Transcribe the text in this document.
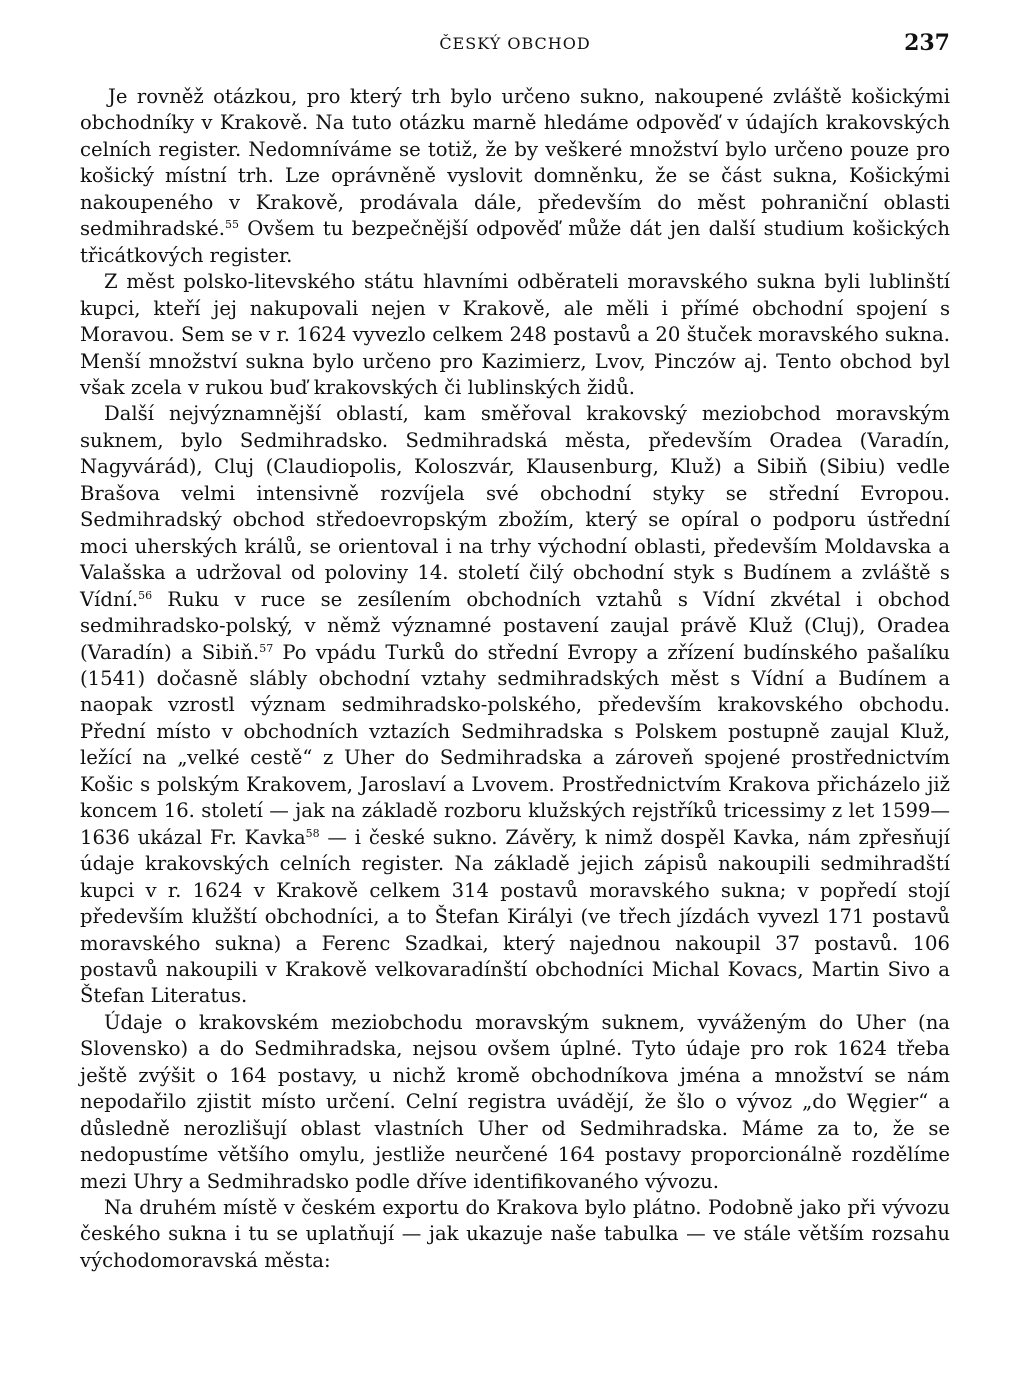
ČESKÝ OBCHOD	237

Je rovněž otázkou, pro který trh bylo určeno sukno, nakoupené zvláště košickými obchodníky v Krakově. Na tuto otázku marně hledáme odpověď v údajích krakovských celních register. Nedomníváme se totiž, že by veškeré množství bylo určeno pouze pro košický místní trh. Lze oprávněně vyslovit domněnku, že se část sukna, Košickými nakoupeného v Krakově, prodávala dále, především do měst pohraniční oblasti sedmihradské.$^{55}$ Ovšem tu bezpečnější odpověď může dát jen další studium košických třicátkových register.

Z měst polsko-litevského státu hlavními odběrateli moravského sukna byli lublinští kupci, kteří jej nakupovali nejen v Krakově, ale měli i přímé obchodní spojení s Moravou. Sem se v r. 1624 vyvezlo celkem 248 postavů a 20 štuček moravského sukna. Menší množství sukna bylo určeno pro Kazimierz, Lvov, Pinczów aj. Tento obchod byl však zcela v rukou buď krakovských či lublinských židů.

Další nejvýznamnější oblastí, kam směřoval krakovský meziobchod moravským suknem, bylo Sedmihradsko. Sedmihradská města, především Oradea (Varadín, Nagyvárád), Cluj (Claudiopolis, Koloszvár, Klausenburg, Kluž) a Sibiň (Sibiu) vedle Brašova velmi intensivně rozvíjela své obchodní styky se střední Evropou. Sedmihradský obchod středoevropským zbožím, který se opíral o podporu ústřední moci uherských králů, se orientoval i na trhy východní oblasti, především Moldavska a Valašska a udržoval od poloviny 14. století čilý obchodní styk s Budínem a zvláště s Vídní.$^{56}$ Ruku v ruce se zesílením obchodních vztahů s Vídní zkvétal i obchod sedmihradsko-polský, v němž významné postavení zaujal právě Kluž (Cluj), Oradea (Varadín) a Sibiň.$^{57}$ Po vpádu Turků do střední Evropy a zřízení budínského pašalíku (1541) dočasně slábly obchodní vztahy sedmihradských měst s Vídní a Budínem a naopak vzrostl význam sedmihradsko-polského, především krakovského obchodu. Přední místo v obchodních vztazích Sedmihradska s Polskem postupně zaujal Kluž, ležící na „velké cestě“ z Uher do Sedmihradska a zároveň spojené prostřednictvím Košic s polským Krakovem, Jaroslaví a Lvovem. Prostřednictvím Krakova přicházelo již koncem 16. století — jak na základě rozboru klužských rejstříků tricessimy z let 1599—1636 ukázal Fr. Kavka$^{58}$ — i české sukno. Závěry, k nimž dospěl Kavka, nám zpřesňují údaje krakovských celních register. Na základě jejich zápisů nakoupili sedmihradští kupci v r. 1624 v Krakově celkem 314 postavů moravského sukna; v popředí stojí především klužští obchodníci, a to Štefan Királyi (ve třech jízdách vyvezl 171 postavů moravského sukna) a Ferenc Szadkai, který najednou nakoupil 37 postavů. 106 postavů nakoupili v Krakově velkovaradínští obchodníci Michal Kovacs, Martin Sivo a Štefan Literatus.

Údaje o krakovském meziobchodu moravským suknem, vyváženým do Uher (na Slovensko) a do Sedmihradska, nejsou ovšem úplné. Tyto údaje pro rok 1624 třeba ještě zvýšit o 164 postavy, u nichž kromě obchodníkova jména a množství se nám nepodařilo zjistit místo určení. Celní registra uvádějí, že šlo o vývoz „do Węgier“ a důsledně nerozlišují oblast vlastních Uher od Sedmihradska. Máme za to, že se nedopustíme většího omylu, jestliže neurčené 164 postavy proporcionálně rozdělíme mezi Uhry a Sedmihradsko podle dříve identifikovaného vývozu.

Na druhém místě v českém exportu do Krakova bylo plátno. Podobně jako při vývozu českého sukna i tu se uplatňují — jak ukazuje naše tabulka — ve stále větším rozsahu východomoravská města:
